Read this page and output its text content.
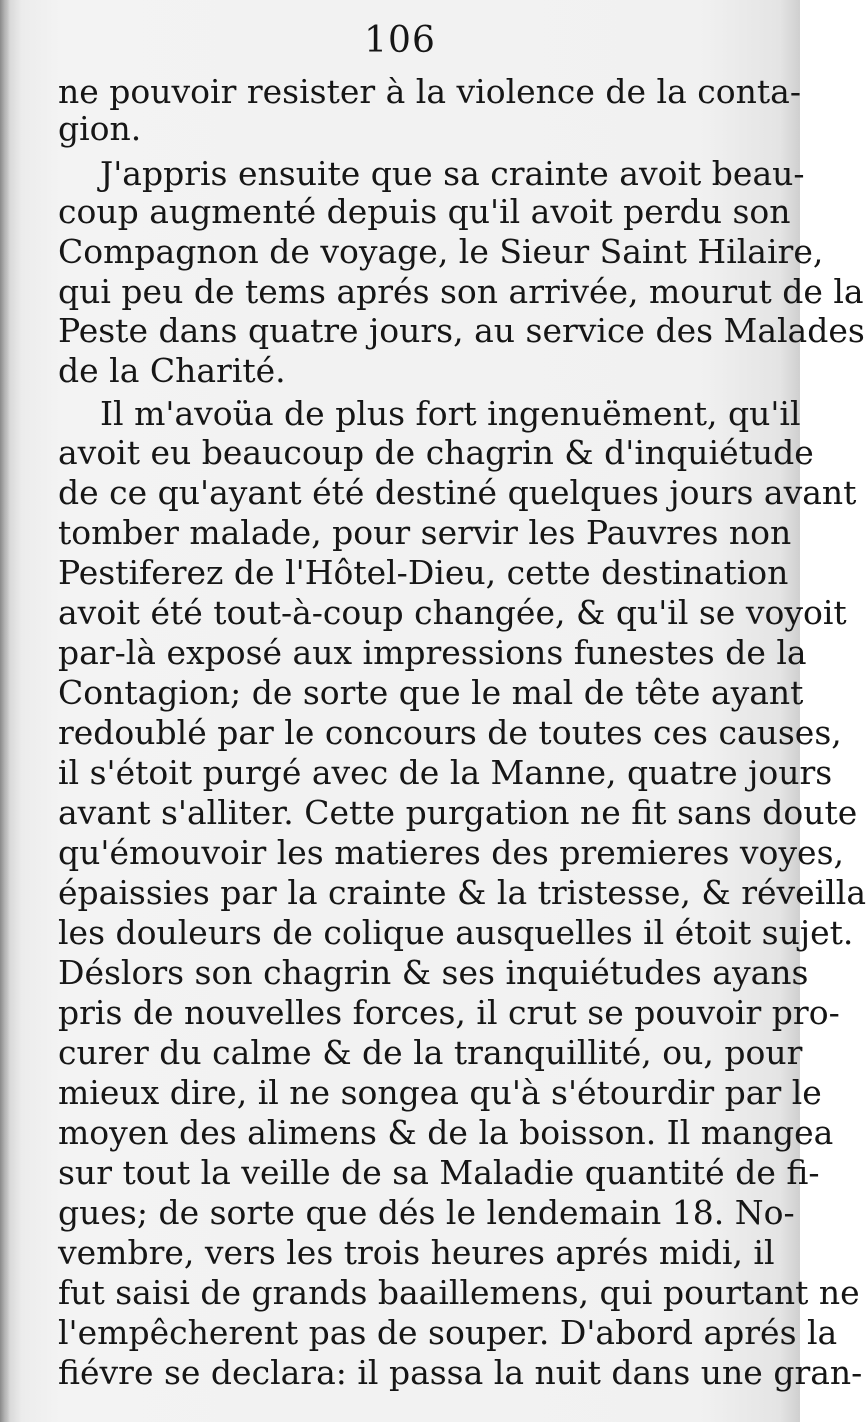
106
ne pouvoir resister à la violence de la conta-
gion.
J'appris ensuite que sa crainte avoit beau-
coup augmenté depuis qu'il avoit perdu son
Compagnon de voyage, le Sieur Saint Hilaire,
qui peu de tems aprés son arrivée, mourut de la
Peste dans quatre jours, au service des Malades
de la Charité.
Il m'avoüa de plus fort ingenuëment, qu'il
avoit eu beaucoup de chagrin & d'inquiétude
de ce qu'ayant été destiné quelques jours avant
tomber malade, pour servir les Pauvres non
Pestiferez de l'Hôtel-Dieu, cette destination
avoit été tout-à-coup changée, & qu'il se voyoit
par-là exposé aux impressions funestes de la
Contagion; de sorte que le mal de tête ayant
redoublé par le concours de toutes ces causes,
il s'étoit purgé avec de la Manne, quatre jours
avant s'alliter. Cette purgation ne fit sans doute
qu'émouvoir les matieres des premieres voyes,
épaissies par la crainte & la tristesse, & réveilla
les douleurs de colique ausquelles il étoit sujet.
Déslors son chagrin & ses inquiétudes ayans
pris de nouvelles forces, il crut se pouvoir pro-
curer du calme & de la tranquillité, ou, pour
mieux dire, il ne songea qu'à s'étourdir par le
moyen des alimens & de la boisson. Il mangea
sur tout la veille de sa Maladie quantité de fi-
gues; de sorte que dés le lendemain 18. No-
vembre, vers les trois heures aprés midi, il
fut saisi de grands baaillemens, qui pourtant ne
l'empêcherent pas de souper. D'abord aprés la
fiévre se declara: il passa la nuit dans une gran-
